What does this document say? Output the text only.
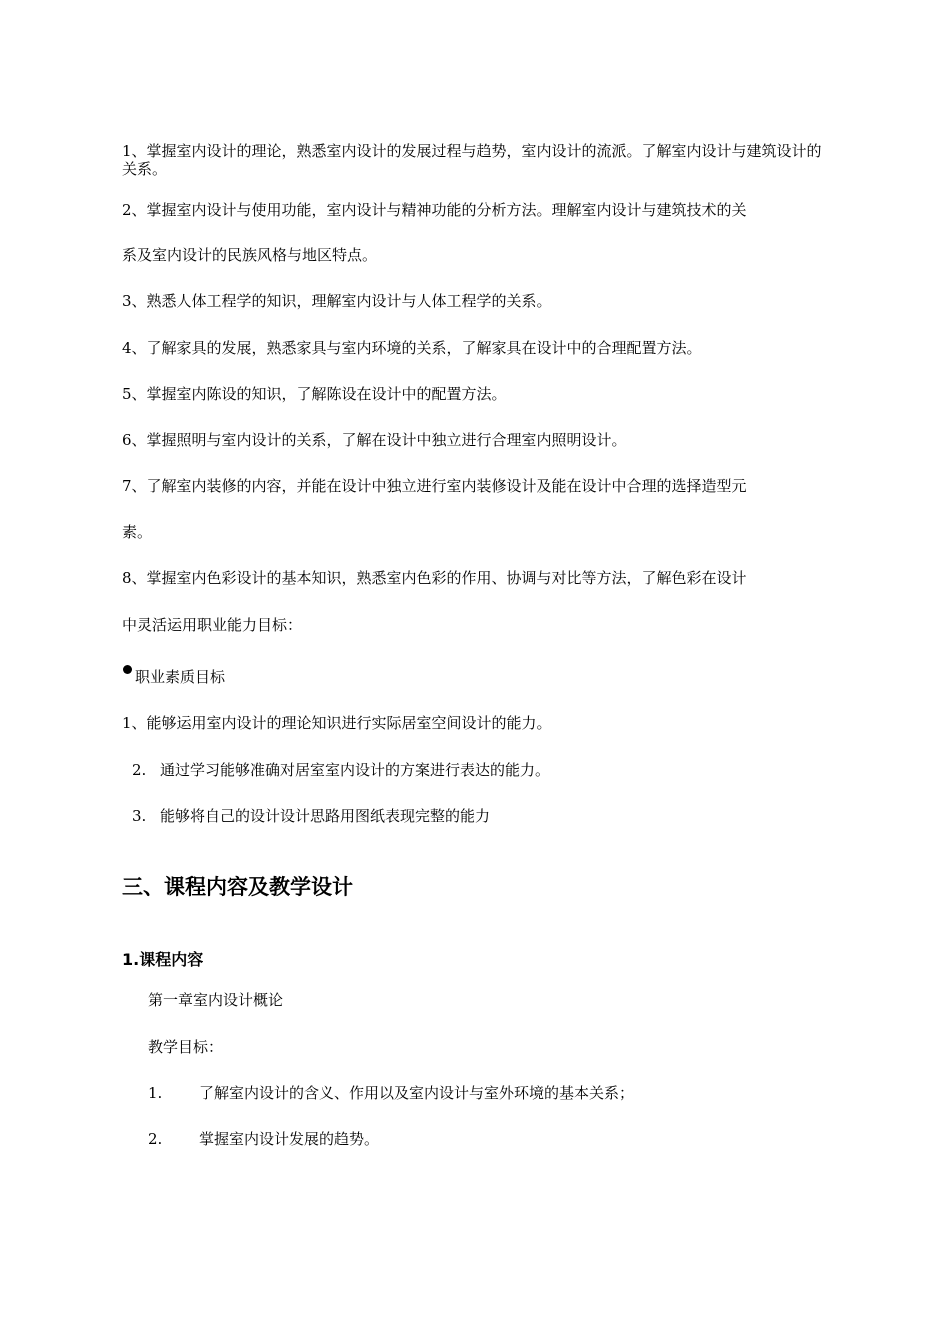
1、掌握室内设计的理论，熟悉室内设计的发展过程与趋势，室内设计的流派。了解室内设计与建筑设计的关系。
2、掌握室内设计与使用功能，室内设计与精神功能的分析方法。理解室内设计与建筑技术的关
系及室内设计的民族风格与地区特点。
3、熟悉人体工程学的知识，理解室内设计与人体工程学的关系。
4、了解家具的发展，熟悉家具与室内环境的关系，了解家具在设计中的合理配置方法。
5、掌握室内陈设的知识，了解陈设在设计中的配置方法。
6、掌握照明与室内设计的关系，了解在设计中独立进行合理室内照明设计。
7、了解室内装修的内容，并能在设计中独立进行室内装修设计及能在设计中合理的选择造型元
素。
8、掌握室内色彩设计的基本知识，熟悉室内色彩的作用、协调与对比等方法，了解色彩在设计
中灵活运用职业能力目标：
职业素质目标
1、能够运用室内设计的理论知识进行实际居室空间设计的能力。
2. 通过学习能够准确对居室室内设计的方案进行表达的能力。
3. 能够将自己的设计设计思路用图纸表现完整的能力
三、课程内容及教学设计
1.课程内容
第一章室内设计概论
教学目标：
1. 了解室内设计的含义、作用以及室内设计与室外环境的基本关系；
2. 掌握室内设计发展的趋势。
